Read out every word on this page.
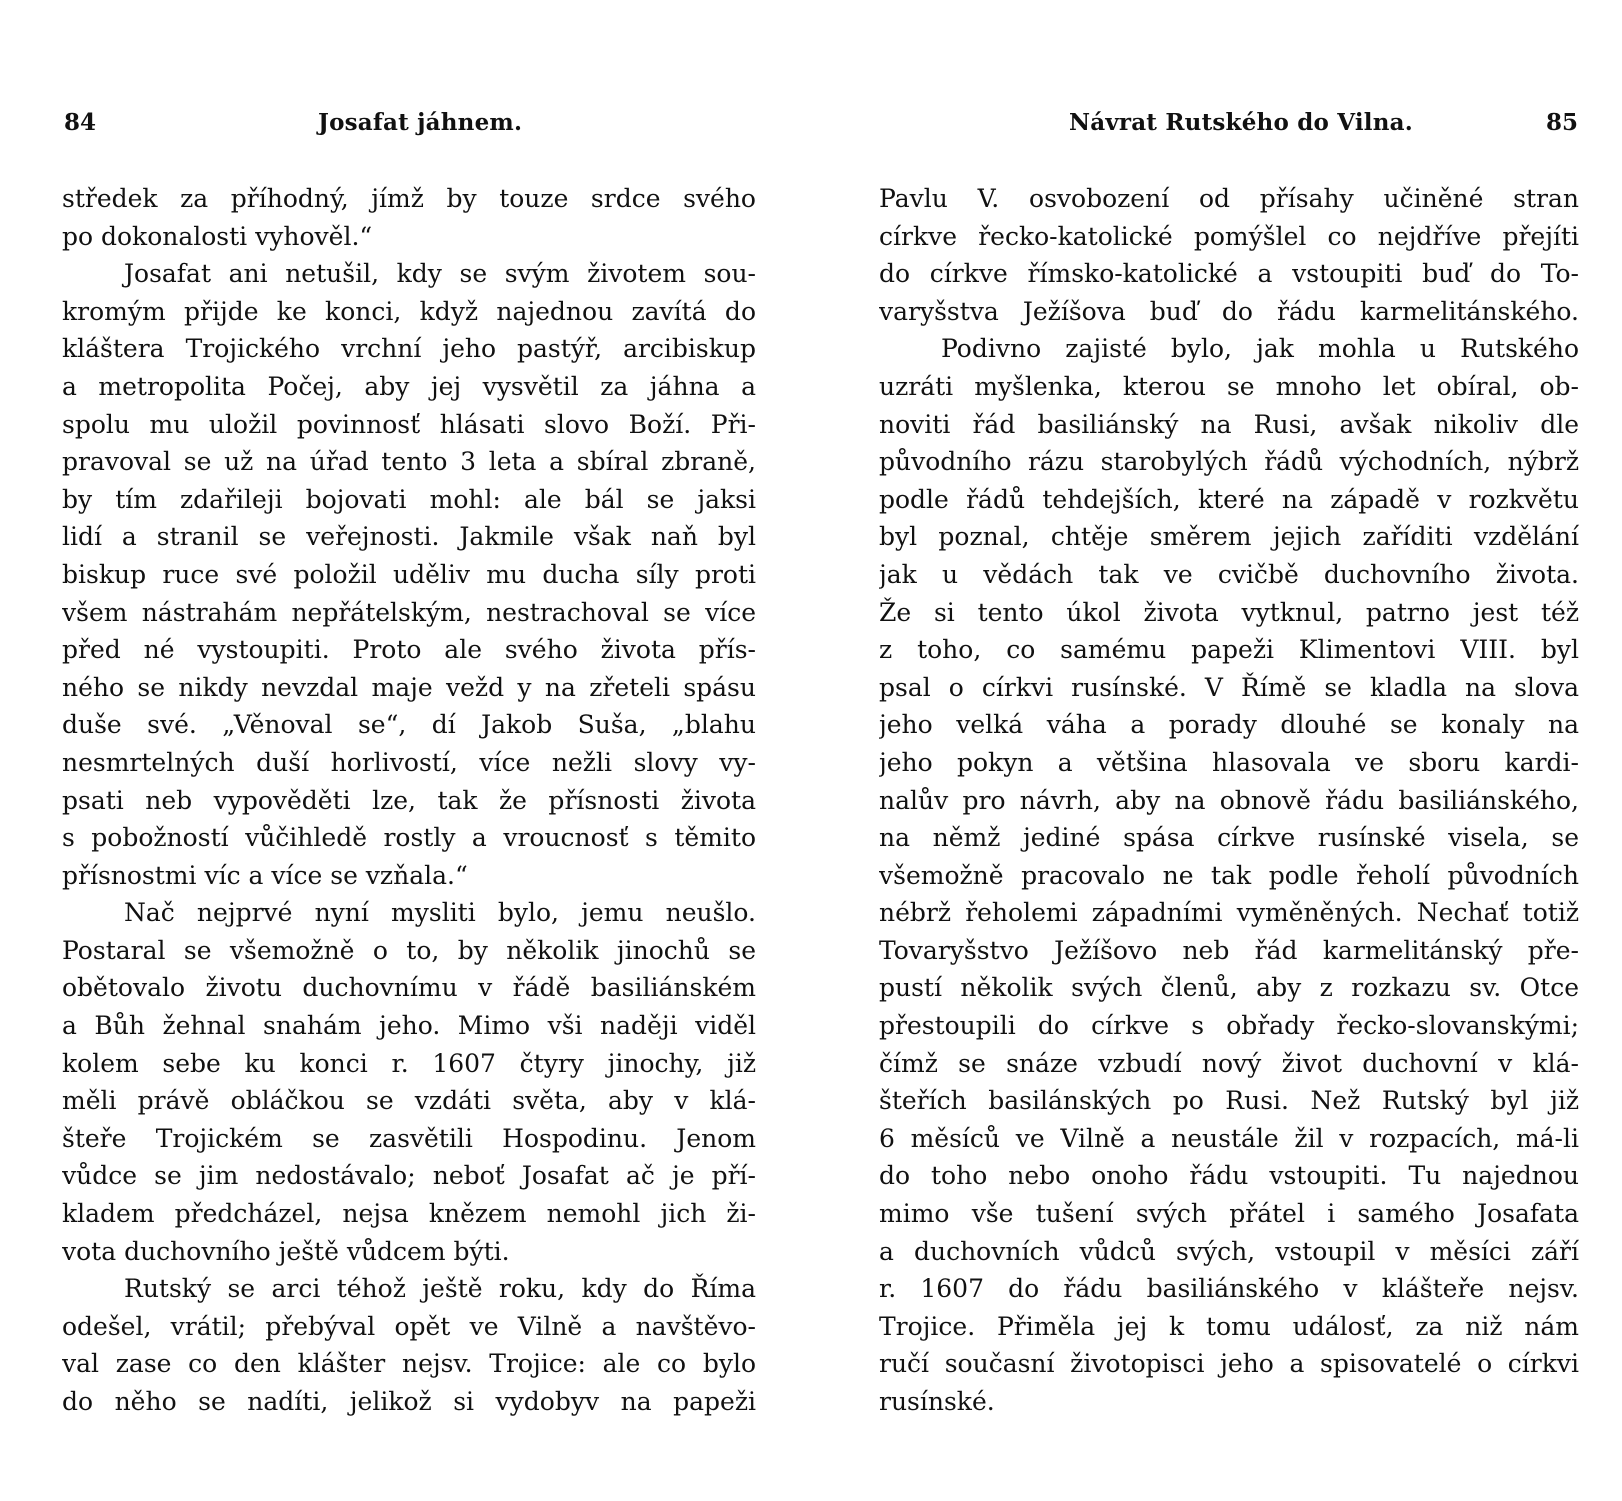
84	Josafat jáhnem.
středek za příhodný, jímž by touze srdce svého
po dokonalosti vyhověl.“
Josafat ani netušil, kdy se svým životem sou-
kromým přijde ke konci, když najednou zavítá do
kláštera Trojického vrchní jeho pastýř, arcibiskup
a metropolita Počej, aby jej vysvětil za jáhna a
spolu mu uložil povinnosť hlásati slovo Boží. Při-
pravoval se už na úřad tento 3 leta a sbíral zbraně,
by tím zdařileji bojovati mohl: ale bál se jaksi
lidí a stranil se veřejnosti. Jakmile však naň byl
biskup ruce své položil uděliv mu ducha síly proti
všem nástrahám nepřátelským, nestrachoval se více
před né vystoupiti. Proto ale svého života přís-
ného se nikdy nevzdal maje vežd y na zřeteli spásu
duše své. „Věnoval se“, dí Jakob Suša, „blahu
nesmrtelných duší horlivostí, více nežli slovy vy-
psati neb vypověděti lze, tak že přísnosti života
s pobožností vůčihledě rostly a vroucnosť s těmito
přísnostmi víc a více se vzňala.“
Nač nejprvé nyní mysliti bylo, jemu neušlo.
Postaral se všemožně o to, by několik jinochů se
obětovalo životu duchovnímu v řádě basiliánském
a Bůh žehnal snahám jeho. Mimo vši naději viděl
kolem sebe ku konci r. 1607 čtyry jinochy, již
měli právě obláčkou se vzdáti světa, aby v klá-
šteře Trojickém se zasvětili Hospodinu. Jenom
vůdce se jim nedostávalo; neboť Josafat ač je pří-
kladem předcházel, nejsa knězem nemohl jich ži-
vota duchovního ještě vůdcem býti.
Rutský se arci téhož ještě roku, kdy do Říma
odešel, vrátil; přebýval opět ve Vilně a navštěvo-
val zase co den klášter nejsv. Trojice: ale co bylo
do něho se nadíti, jelikož si vydobyv na papeži
Návrat Rutského do Vilna.	85
Pavlu V. osvobození od přísahy učiněné stran
církve řecko-katolické pomýšlel co nejdříve přejíti
do církve římsko-katolické a vstoupiti buď do To-
varyšstva Ježíšova buď do řádu karmelitánského.
Podivno zajisté bylo, jak mohla u Rutského
uzráti myšlenka, kterou se mnoho let obíral, ob-
noviti řád basiliánský na Rusi, avšak nikoliv dle
původního rázu starobylých řádů východních, nýbrž
podle řádů tehdejších, které na západě v rozkvětu
byl poznal, chtěje směrem jejich zaříditi vzdělání
jak u vědách tak ve cvičbě duchovního života.
Že si tento úkol života vytknul, patrno jest též
z toho, co samému papeži Klimentovi VIII. byl
psal o církvi rusínské. V Římě se kladla na slova
jeho velká váha a porady dlouhé se konaly na
jeho pokyn a většina hlasovala ve sboru kardi-
nalův pro návrh, aby na obnově řádu basiliánského,
na němž jediné spása církve rusínské visela, se
všemožně pracovalo ne tak podle řeholí původních
nébrž řeholemi západními vyměněných. Nechať totiž
Tovaryšstvo Ježíšovo neb řád karmelitánský pře-
pustí několik svých členů, aby z rozkazu sv. Otce
přestoupili do církve s obřady řecko-slovanskými;
čímž se snáze vzbudí nový život duchovní v klá-
šteřích basilánských po Rusi. Než Rutský byl již
6 měsíců ve Vilně a neustále žil v rozpacích, má-li
do toho nebo onoho řádu vstoupiti. Tu najednou
mimo vše tušení svých přátel i samého Josafata
a duchovních vůdců svých, vstoupil v měsíci září
r. 1607 do řádu basiliánského v klášteře nejsv.
Trojice. Přiměla jej k tomu událosť, za niž nám
ručí současní životopisci jeho a spisovatelé o církvi
rusínské.
